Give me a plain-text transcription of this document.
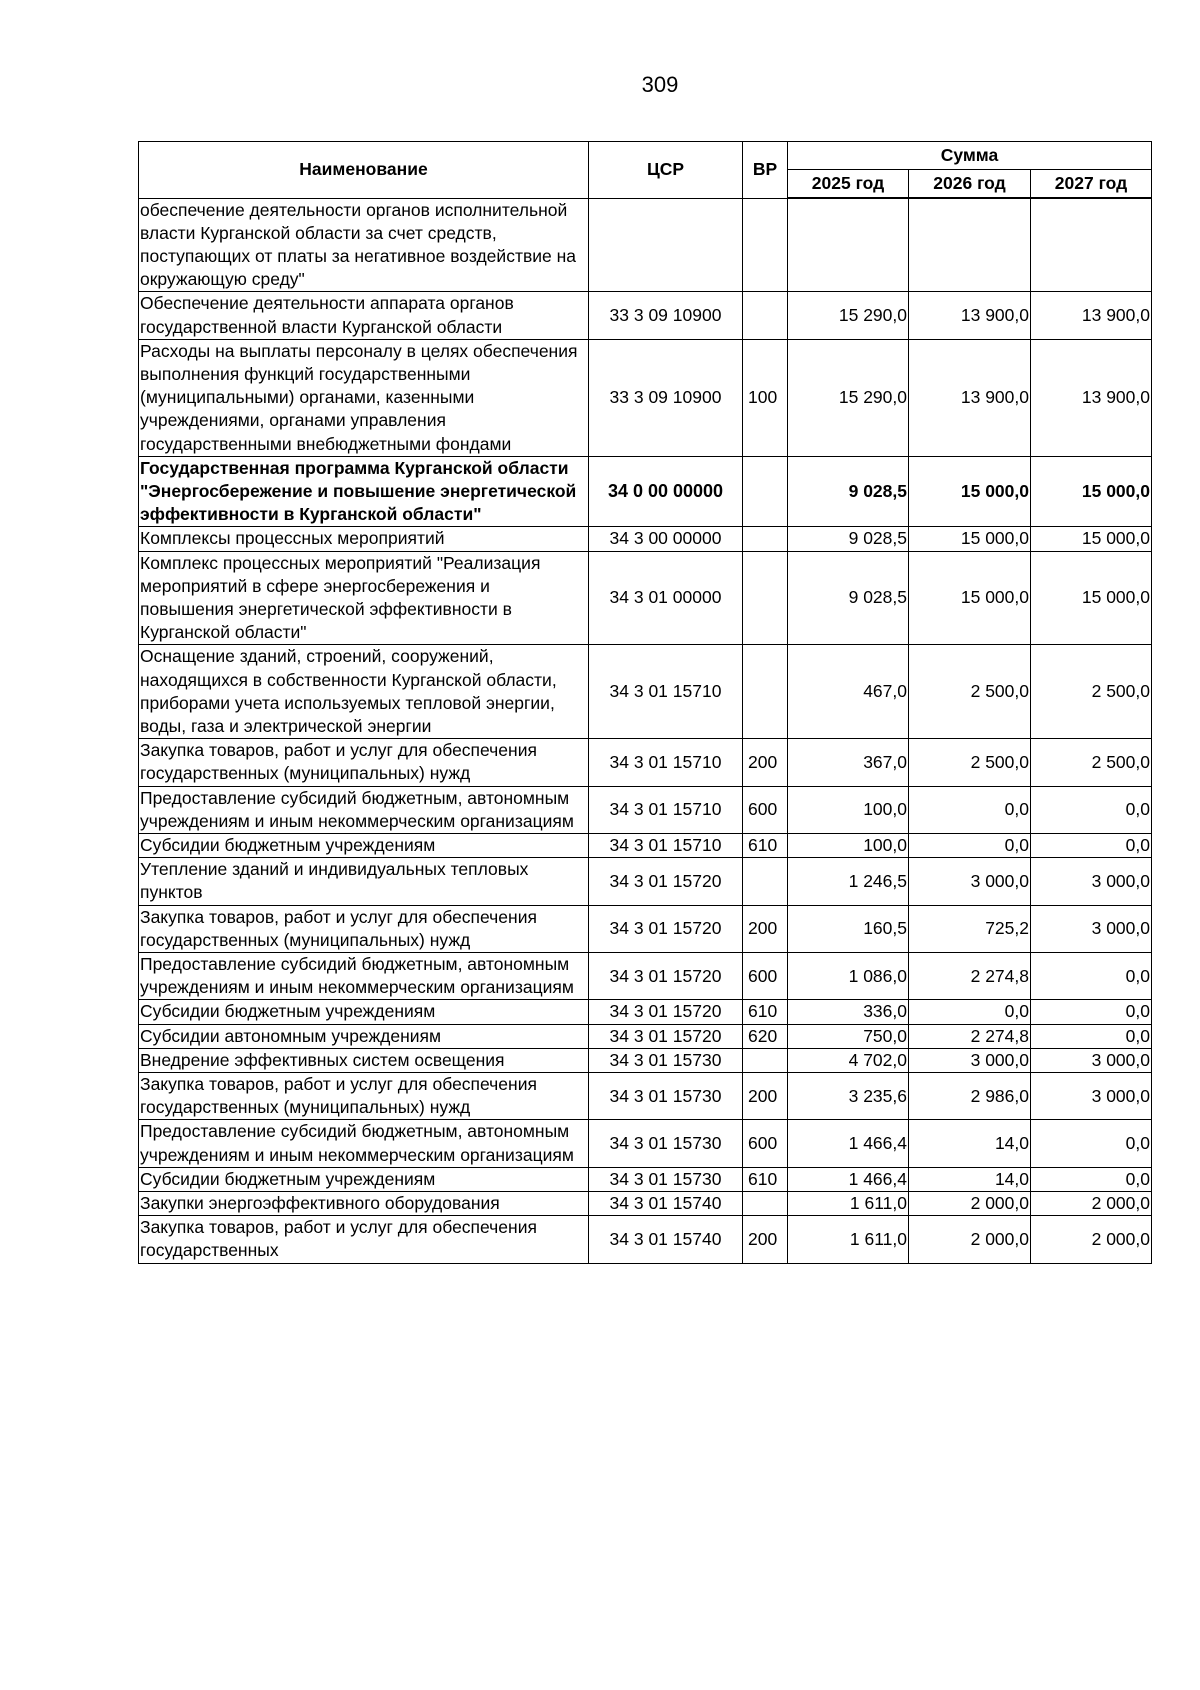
309
Наименование	ЦСР	ВР	Сумма		
			2025 год	2026 год	2027 год
обеспечение деятельности органов исполнительной власти Курганской области за счет средств, поступающих от платы за негативное воздействие на окружающую среду"					
Обеспечение деятельности аппарата органов государственной власти Курганской области	33 3 09 10900		15 290,0	13 900,0	13 900,0
Расходы на выплаты персоналу в целях обеспечения выполнения функций государственными (муниципальными) органами, казенными учреждениями, органами управления государственными внебюджетными фондами	33 3 09 10900	100	15 290,0	13 900,0	13 900,0
Государственная программа Курганской области "Энергосбережение и повышение энергетической эффективности в Курганской области"	34 0 00 00000		9 028,5	15 000,0	15 000,0
Комплексы процессных мероприятий	34 3 00 00000		9 028,5	15 000,0	15 000,0
Комплекс процессных мероприятий "Реализация мероприятий в сфере энергосбережения и повышения энергетической эффективности в Курганской области"	34 3 01 00000		9 028,5	15 000,0	15 000,0
Оснащение зданий, строений, сооружений, находящихся в собственности Курганской области, приборами учета используемых тепловой энергии, воды, газа и электрической энергии	34 3 01 15710		467,0	2 500,0	2 500,0
Закупка товаров, работ и услуг для обеспечения государственных (муниципальных) нужд	34 3 01 15710	200	367,0	2 500,0	2 500,0
Предоставление субсидий бюджетным, автономным учреждениям и иным некоммерческим организациям	34 3 01 15710	600	100,0	0,0	0,0
Субсидии бюджетным учреждениям	34 3 01 15710	610	100,0	0,0	0,0
Утепление зданий и индивидуальных тепловых пунктов	34 3 01 15720		1 246,5	3 000,0	3 000,0
Закупка товаров, работ и услуг для обеспечения государственных (муниципальных) нужд	34 3 01 15720	200	160,5	725,2	3 000,0
Предоставление субсидий бюджетным, автономным учреждениям и иным некоммерческим организациям	34 3 01 15720	600	1 086,0	2 274,8	0,0
Субсидии бюджетным учреждениям	34 3 01 15720	610	336,0	0,0	0,0
Субсидии автономным учреждениям	34 3 01 15720	620	750,0	2 274,8	0,0
Внедрение эффективных систем освещения	34 3 01 15730		4 702,0	3 000,0	3 000,0
Закупка товаров, работ и услуг для обеспечения государственных (муниципальных) нужд	34 3 01 15730	200	3 235,6	2 986,0	3 000,0
Предоставление субсидий бюджетным, автономным учреждениям и иным некоммерческим организациям	34 3 01 15730	600	1 466,4	14,0	0,0
Субсидии бюджетным учреждениям	34 3 01 15730	610	1 466,4	14,0	0,0
Закупки энергоэффективного оборудования	34 3 01 15740		1 611,0	2 000,0	2 000,0
Закупка товаров, работ и услуг для обеспечения государственных	34 3 01 15740	200	1 611,0	2 000,0	2 000,0
